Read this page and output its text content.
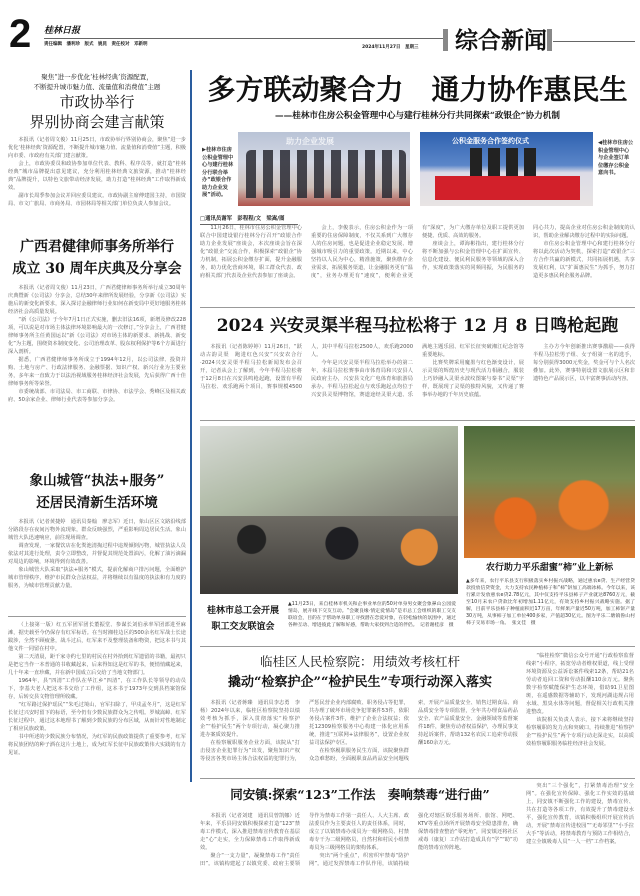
2 桂林日报
责任编辑　潘利珍　版式　姚昆　责任校对　邓新明
2024年11月27日　星期三 综合新闻
聚焦“进一步优化‘桂林经典’资源配置，
不断提升城市魅力值、流量值和消费值”主题
市政协举行
界别协商会建言献策

本报讯（记者周文俊）11月25日，市政协举行界别协商会，聚焦“进一步优化‘桂林经典’资源配置，不断提升城市魅力值、流量值和消费值”主题，积极向市委、市政府有关部门建言献策。

会上，市政协委员和政协参加单位代表、教科、程序员等，就打造“桂林经典”城市品牌提出意见建议，充分利用桂林经典文旅资源，推动“桂林经典”品牌提升，以特色文旅带动经济发展，助力打造“桂林经典”工作取得新成效。

副市长周季参加会议并回应委员建议。市政协副主席傅建国主持，市国资局、市文广旅局、市商务局、市园林局等相关部门单位负责人参加会议。

广西君健律师事务所举行
成立 30 周年庆典及分享会

本报讯（记者周文俊）11月23日，广西君健律师事务所举行成立30周年庆典暨新《公司法》分享会，总结30年来律所发展经验，分享新《公司法》实施后的新变化新要求，深入探讨金融律师行业如何在新变局中更好地服务桂林经济社会高质量发展。

“新《公司法》于今年7月1日正式实施，删去旧法16项，新增及修改228项，可以说是对市场主体法律环境影响最大的一次修订。”分享会上，广西君健律师事务所主任黄国运以“新《公司法》对市场主体的新要求、新挑战、新变化”为主题，围绕资本制度变化、公司治理改革、股东权利保护等6个方面进行深入剖析。

据悉，广西君健律师事务所成立于1994年12月，以公司法律、投资并购、土地与房产、行政法律服务、金融票据、知识产权、新兴行业为主要业务，多年来一直致力于以法治视域服务桂林经济社会发展，先后获得广西十佳律师事务所等荣誉。

市委统战部、市司法局、市工商联、市律协、市法学会、秀峰区及相关政府、50余家企业、律师行业代表等参加分享会。

象山城管“执法+服务”
还居民清新生活环境

本报讯（记者黄捷婷　通讯员秦翰　廖志军）近日，象山区区文路沿线部分路段存在夜间污物外流现象，群众反映强烈，严重影响周边居民生活。象山城管大队迅速响应，前往现场调查。

调查发现，一家餐饮店在化粪池清掏过程中违规倾倒污物，城管执法人员依法对其进行处理，责令立即整改，并督促其规范处置油污，化解了油污滴漏对周边的影响，环境得到有效改善。

象山城管大队采取“执法+服务”模式，提前化解商户排污问题，全面维护城市管理秩序，维护市民群众合法权益，并将继续以有温度的执法和有力度的服务，为城市管理贡献力量。

（上接第一版）红五军团军团长董振堂、参谋长刘伯承率军团部进至麻滩，据史载至今仍保存有红军标语。在当时湘桂边区的500余名红军战士长途跋涉，全然不顾疲惫，战斗过后，红军来不及整理装备和物资，把这本书与其他文件一同留在村中。

第二天清晨，距千家寺约七里的村民在村外拾到红军遗留的书籍，最初只是把它当作一本普通的书收藏起来，后来得知这是红军的书，便悄悄藏起来，几十年来一直珍藏，并在新中国成立后交给了当地文物部门。

1964年，县“四清”工作队在华江乡“四清”，在工作队长等领导的动员下，李基夫老人把这本书交给了工作组，这本书于1973年交到县档案馆保存，后转交县文物管理所收藏。

“红军路过保护瑶民”“朱毛过境山，官军扫除了，甲戌孟冬月”，这是红军长征过兴安时留下的标语，至今仍有少数民族群众为之传唱。罗城嵩嶂、红军长征过程中，通过这本地理书了解到少数民族的分布区域，从而针对性地制定了相应民族政策。

书中所述的少数民族分布情况，为红军的民族政策提供了重要参考，红军将民族团结的种子洒在这片土地上，成为红军长征中民族政策伟大实践的有力见证。

多方联动聚合力　通力协作惠民生
——桂林市住房公积金管理中心与建行桂林分行共同探索“政银企”协力机制
▶桂林市住房公积金管理中心与建行桂林分行联合举办“政银合作　助力企业发展”活动。
助力企业发展	公积金服务合作签约仪式	◀桂林市住房公积金管理中心与企业签订单位缴存公积金意向书。
□通讯员谢军　彭程程/文　梁嵩/图

11月26日，桂林市住房公积金管理中心联合中国建设银行桂林分行召开“政银合作　助力企业发展”座谈会，本次座谈会旨在深化“政银企”交流合作，积极探索“政银企”协力机制，拓展公积金缴存扩面，提升金融服务，助力优化营商环境，职工群众代表、政府相关部门代表及企业代表参加了座谈会。

会上，李俊表示，住房公积金作为一项重要的住房保障制度，不仅关系到广大缴存人的住房问题，也是促进企业稳定发展、增强城市吸引力的重要政策。近期以来，中心坚持以人民为中心，精准施策，聚焦缴存企业需求，拓展服务渠道，让金融服务更有“温度”，业务办理更有“速度”，便利企业更有“深度”，为广大缴存单位及职工提供更加便捷、优质、高效的服务。

座谈会上，谭海彬指出，建行桂林分行将不断加强与公积金管理中心在扩面宣传、信息化建设、便民利民服务等领域的深入合作，实现政策落实的同频同振，为民服务的同心共力，提高企业对住房公积金制度的认识，帮助企业解决缴存过程中的实际问题。

市住房公积金管理中心和建行桂林分行将以此次活动为契机，探索打造“政银企”三方合作共赢的新模式，共同拓展机遇，共享发展红利，以“扩面惠民生”为抓手，努力打造更多惠民利企服务品牌。

2024 兴安灵渠半程马拉松将于 12 月 8 日鸣枪起跑

本报讯（记者陈婷婷）11月26日，“跃动古韵灵渠　跑进红色兴安”兴安农合行·2024兴安灵渠半程马拉松新闻发布会召开，记者从会上了解到，今年半程马拉松将于12月8日在兴安县鸣枪起跑，设置有半程马拉松、欢乐跑两个项目，赛事规模4500人，其中半程马拉松2500人，欢乐跑2000人。

今年是兴安灵渠半程马拉松举办的第二年，本届马拉松赛事由市体育局和兴安县人民政府主办，兴安县文化广电体育和旅游局承办。半程马拉松起点与欢乐跑起点均位于兴安县灵渠博物馆，赛道途经灵渠大道、乐满地主题乐园、红军长征突破湘江纪念馆等重要地标。

比赛奖牌采用魔墨与红色渐变设计，展示灵渠的辉煌历史与现代活力相融合，服装上巧妙融入灵渠水波纹图案与秦书“灵渠”字样，既展现了灵渠的独特风貌，又传递了赛事举办地的千年历史底蕴。

主办方今年创新推出赛事激励——获得半程马拉松男子组、女子组第一名的选手，每分别获得3000元奖金，奖金可与个人名次叠加。此外，赛事特别设置文旅展示区和非遗特色产品展示区，以丰富赛事活动内容。

农行助力平乐甜蜜“柿”业上新标
▲多年来，农行平乐县支行积极落实乡村振兴战略，通过惠农e贷、生产经营贷款投放信贷资金，大力支持农民种植柿子和“柿”饼加工高端冰柿。今年以来，该行累计发放惠农e贷2.78亿元，其中仅支持平乐县柿子产业就达8760万元，截至10月末农户贷款比年初增加1.11亿元，有效支持乡村振兴战略实施。据了解，目前平乐县柿子种植面积近17万亩，年鲜果产量近50万吨，加工柿饼产量30万吨，从事柿子加工单位400多家，产值超30亿元。图为平乐二塘镇鲁山村柿子交易市场一角。　 张文佳　摄
桂林市总工会开展
职工交友联谊会
▲11月23日，来自桂林市机关和企事业单位的50对单身男女聚会象鼻山公园爱情岛，展开线下交友互动。“会聚良缘·情定爱情岛”是市总工会组织的职工交友联谊会，目的在于帮助单身职工寻找潜在恋爱对象，在轻松愉快的氛围中，通过各种互动、增进彼此了解和好感，帮助大家找到合适的伴侣。　 记者谢桂彦　摄
临桂区人民检察院：用绩效考核杠杆
撬动“检察护企”“检护民生”专项行动深入落实

本报讯（记者蒋臻　通讯员李志勇　李杨）2024年以来，临桂区检察院坚持以绩效考核为抓手，深入贯彻落实“检察护企”“检护民生”两个专项行动，凝心聚力推进办案质效提升。

在检察履职服务企业方面，该院从“打击侵害企业犯罪行为”出发，聚焦知识产权等侵害各类市场主体合法权益的犯罪行为，严惩民营企业内部腐败、职务侵占等犯罪，共办理了破坏市场竞争犯罪案件53件，依职务侵占案件3件，维护了企业合法权益；依托12309检察服务中心构建一体化应用系统，推进“互联网+法律服务”，设置企业权益司法保护专区。

在检察履职服务民生方面，该院聚焦群众急难愁盼，全面履职食品药品安全问题线索，开展产品质量安全、销售过期食品、商品质安全等专项监督，全年共办理食品药品安全、农产品质量安全、金融领域等监督案件18件，聚焦劳动者权益保护，办理民事支持起诉案件，帮助132名农民工追索劳动报酬160余万元。

“临桂检察”微信公众号开通“行政检察监督线索”小程序，拓宽劳动者维权渠道，线上受理环境资源及公益诉讼案件线索12条，帮助21名劳动者追回工资和劳动报酬110余万元。聚焦数字检察赋能保护生态环境，借助91卫星图斑，在遥感数据等辅助下，发现河湖违规占用水域、黑臭水体等问题，督促相关行政机关推进整改。

该院相关负责人表示，接下来将继续坚持检察履职的发力点和突破口，持续推进“检察护企”“检护民生”两个专项行动走深走实，以高质效检察履职服务临桂经济社会发展。

同安镇:探索“123”工作法　奏响禁毒“进行曲”

本报讯（记者刘建　通讯员曾凯娜）近年来，平乐县同安镇积极探索打造“123”禁毒工作模式，深入推进禁毒宣传教育在基层走“心”走实，全力保障禁毒工作取得新成效。

聚合“一支力量”，凝聚禁毒工作“责任田”。该镇构建起了以镇党委、政府主要领导作为禁毒工作第一责任人、人大主席、政法委员作为主要责任人的责任体系，同时，成立了以镇禁毒办成员为一级网格员、村禁毒专干为二级网格员，自然村和村民小组禁毒员为三级网格员的架构体系。

突出“两个重点”，织密织牢禁毒“防护网”。通过发挥禁毒工作队作用，该镇持续强化对辖区娱乐服务场所、旅馆、网吧、KTV等重点场所开展禁毒安全隐患排查，确保禁毒排查整治“零死角”，同安镇还将社区戒毒（康复）工作站打造成具有“学”“助”功能的禁毒宣传阵地。

突出“三个强化”，打紧禁毒治理“安全网”。在强化宣传保障、强化工作实效的基础上，同安镇不断强化工作的建设，禁毒宣传、共在打造等各项工作，有效提升了禁毒建设水平，强化宣传教育，该镇积极组织开展宣传活动，开展“禁毒宣传进校园”“无毒邻里”“小手拉大手”等活动，将禁毒教育与预防工作相结合，建立全镇吸毒人员“一人一档”工作档案。
